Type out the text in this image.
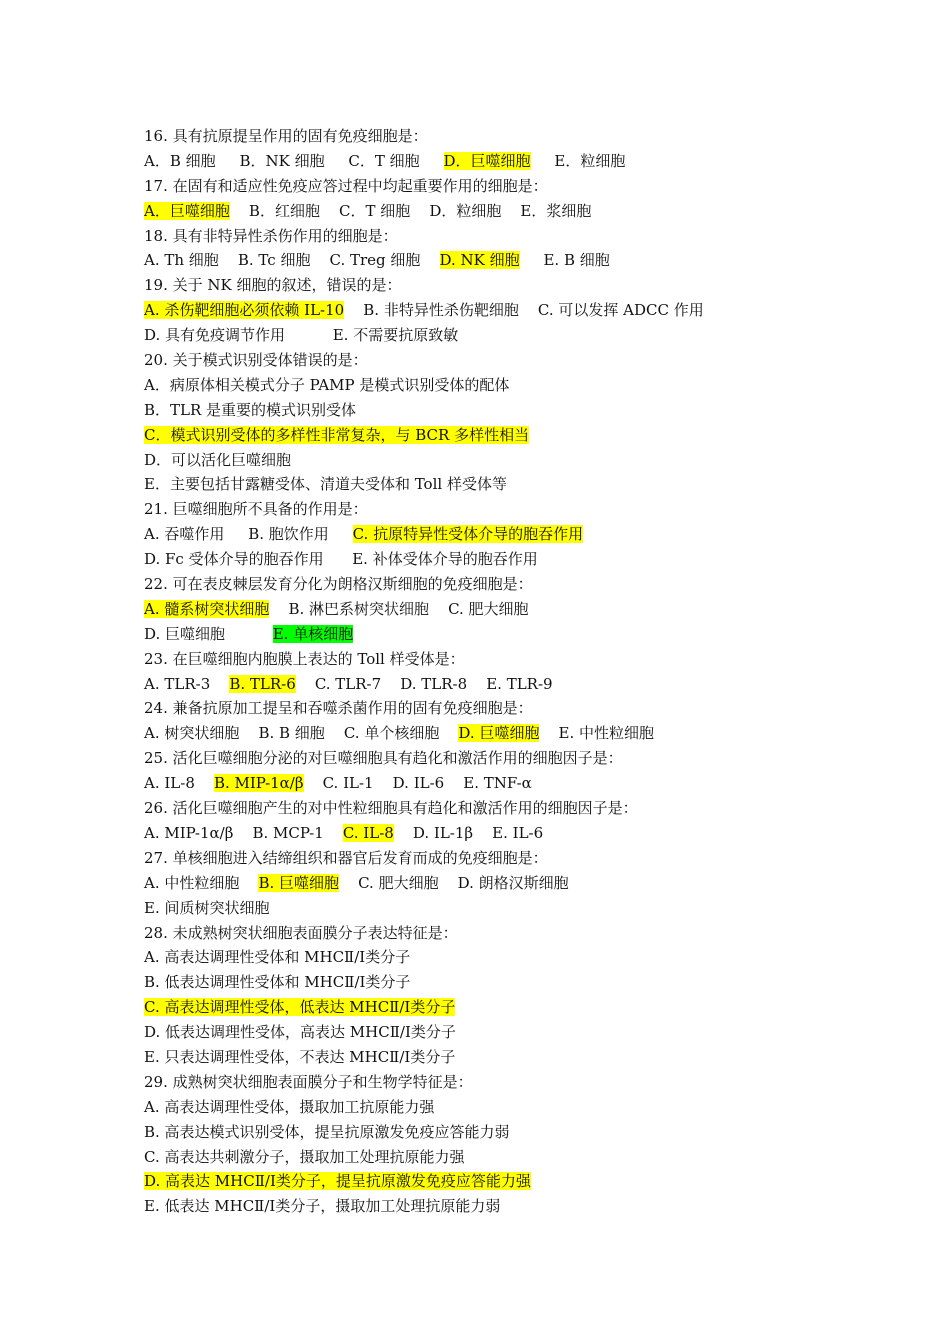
16. 具有抗原提呈作用的固有免疫细胞是：
A．B 细胞     B．NK 细胞     C．T 细胞     D．巨噬细胞     E．粒细胞
17. 在固有和适应性免疫应答过程中均起重要作用的细胞是：
A．巨噬细胞    B．红细胞    C．T 细胞    D．粒细胞    E．浆细胞
18. 具有非特异性杀伤作用的细胞是：
A. Th 细胞    B. Tc 细胞    C. Treg 细胞    D. NK 细胞     E. B 细胞
19. 关于 NK 细胞的叙述，错误的是：
A. 杀伤靶细胞必须依赖 IL-10    B. 非特异性杀伤靶细胞    C. 可以发挥 ADCC 作用
D. 具有免疫调节作用          E. 不需要抗原致敏
20. 关于模式识别受体错误的是：
A．病原体相关模式分子 PAMP 是模式识别受体的配体
B．TLR 是重要的模式识别受体
C．模式识别受体的多样性非常复杂，与 BCR 多样性相当
D．可以活化巨噬细胞
E．主要包括甘露糖受体、清道夫受体和 Toll 样受体等
21. 巨噬细胞所不具备的作用是：
A. 吞噬作用     B. 胞饮作用     C. 抗原特异性受体介导的胞吞作用
D. Fc 受体介导的胞吞作用      E. 补体受体介导的胞吞作用
22. 可在表皮棘层发育分化为朗格汉斯细胞的免疫细胞是：
A. 髓系树突状细胞    B. 淋巴系树突状细胞    C. 肥大细胞
D. 巨噬细胞          E. 单核细胞
23. 在巨噬细胞内胞膜上表达的 Toll 样受体是：
A. TLR-3    B. TLR-6    C. TLR-7    D. TLR-8    E. TLR-9
24. 兼备抗原加工提呈和吞噬杀菌作用的固有免疫细胞是：
A. 树突状细胞    B. B 细胞    C. 单个核细胞    D. 巨噬细胞    E. 中性粒细胞
25. 活化巨噬细胞分泌的对巨噬细胞具有趋化和激活作用的细胞因子是：
A. IL-8    B. MIP-1α/β    C. IL-1    D. IL-6    E. TNF-α
26. 活化巨噬细胞产生的对中性粒细胞具有趋化和激活作用的细胞因子是：
A. MIP-1α/β    B. MCP-1    C. IL-8    D. IL-1β    E. IL-6
27. 单核细胞进入结缔组织和器官后发育而成的免疫细胞是：
A. 中性粒细胞    B. 巨噬细胞    C. 肥大细胞    D. 朗格汉斯细胞
E. 间质树突状细胞
28. 未成熟树突状细胞表面膜分子表达特征是：
A. 高表达调理性受体和 MHCⅡ/Ⅰ类分子
B. 低表达调理性受体和 MHCⅡ/Ⅰ类分子
C. 高表达调理性受体，低表达 MHCⅡ/Ⅰ类分子
D. 低表达调理性受体，高表达 MHCⅡ/Ⅰ类分子
E. 只表达调理性受体，不表达 MHCⅡ/Ⅰ类分子
29. 成熟树突状细胞表面膜分子和生物学特征是：
A. 高表达调理性受体，摄取加工抗原能力强
B. 高表达模式识别受体，提呈抗原激发免疫应答能力弱
C. 高表达共刺激分子，摄取加工处理抗原能力强
D. 高表达 MHCⅡ/Ⅰ类分子，提呈抗原激发免疫应答能力强
E. 低表达 MHCⅡ/Ⅰ类分子，摄取加工处理抗原能力弱
